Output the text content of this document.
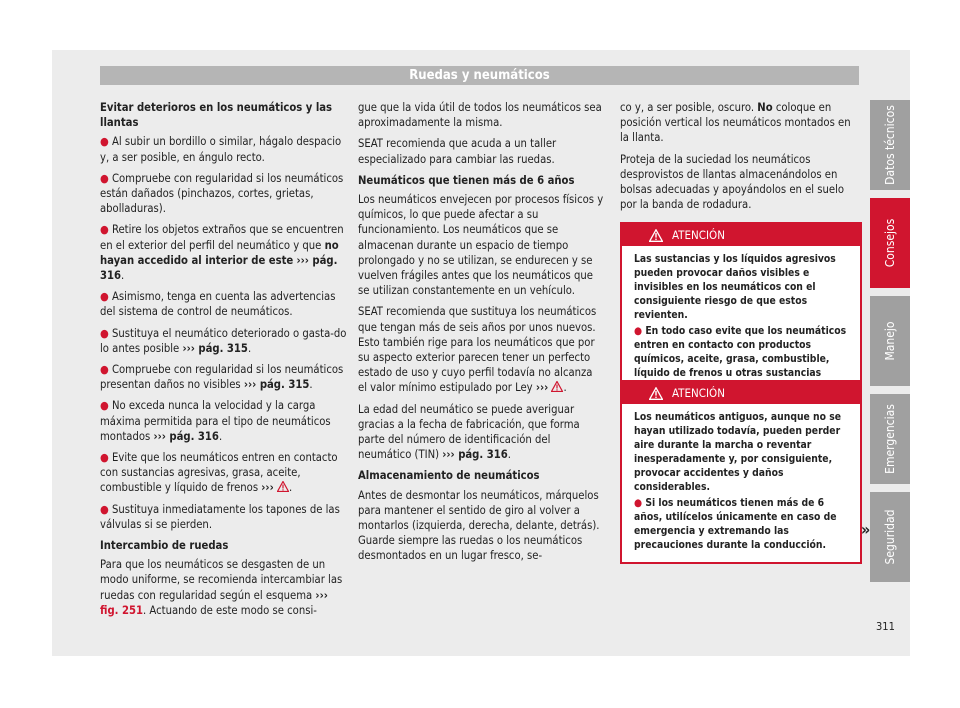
Ruedas y neumáticos

Evitar deterioros en los neumáticos y las llantas

● Al subir un bordillo o similar, hágalo despacio y, a ser posible, en ángulo recto.

● Compruebe con regularidad si los neumáticos están dañados (pinchazos, cortes, grietas, abolladuras).

● Retire los objetos extraños que se encuentren en el exterior del perfil del neumático y que no hayan accedido al interior de este ››› pág. 316.

● Asimismo, tenga en cuenta las advertencias del sistema de control de neumáticos.

● Sustituya el neumático deteriorado o gasta-do lo antes posible ››› pág. 315.

● Compruebe con regularidad si los neumáticos presentan daños no visibles ››› pág. 315.

● No exceda nunca la velocidad y la carga máxima permitida para el tipo de neumáticos montados ››› pág. 316.

● Evite que los neumáticos entren en contacto con sustancias agresivas, grasa, aceite, combustible y líquido de frenos ››› .

● Sustituya inmediatamente los tapones de las válvulas si se pierden.

Intercambio de ruedas

Para que los neumáticos se desgasten de un modo uniforme, se recomienda intercambiar las ruedas con regularidad según el esquema ››› fig. 251. Actuando de este modo se consi-

gue que la vida útil de todos los neumáticos sea aproximadamente la misma.

SEAT recomienda que acuda a un taller especializado para cambiar las ruedas.

Neumáticos que tienen más de 6 años

Los neumáticos envejecen por procesos físicos y químicos, lo que puede afectar a su funcionamiento. Los neumáticos que se almacenan durante un espacio de tiempo prolongado y no se utilizan, se endurecen y se vuelven frágiles antes que los neumáticos que se utilizan constantemente en un vehículo.

SEAT recomienda que sustituya los neumáticos que tengan más de seis años por unos nuevos. Esto también rige para los neumáticos que por su aspecto exterior parecen tener un perfecto estado de uso y cuyo perfil todavía no alcanza el valor mínimo estipulado por Ley ››› .

La edad del neumático se puede averiguar gracias a la fecha de fabricación, que forma parte del número de identificación del neumático (TIN) ››› pág. 316.

Almacenamiento de neumáticos

Antes de desmontar los neumáticos, márquelos para mantener el sentido de giro al volver a montarlos (izquierda, derecha, delante, detrás). Guarde siempre las ruedas o los neumáticos desmontados en un lugar fresco, se-

co y, a ser posible, oscuro. No coloque en posición vertical los neumáticos montados en la llanta.

Proteja de la suciedad los neumáticos desprovistos de llantas almacenándolos en bolsas adecuadas y apoyándolos en el suelo por la banda de rodadura.

ATENCIÓN

Las sustancias y los líquidos agresivos pueden provocar daños visibles e invisibles en los neumáticos con el consiguiente riesgo de que estos revienten.

● En todo caso evite que los neumáticos entren en contacto con productos químicos, aceite, grasa, combustible, líquido de frenos u otras sustancias

ATENCIÓN

Los neumáticos antiguos, aunque no se hayan utilizado todavía, pueden perder aire durante la marcha o reventar inesperadamente y, por consiguiente, provocar accidentes y daños considerables.

● Si los neumáticos tienen más de 6 años, utilícelos únicamente en caso de emergencia y extremando las precauciones durante la conducción.

»
Datos técnicos
Consejos
Manejo
Emergencias
Seguridad
311
